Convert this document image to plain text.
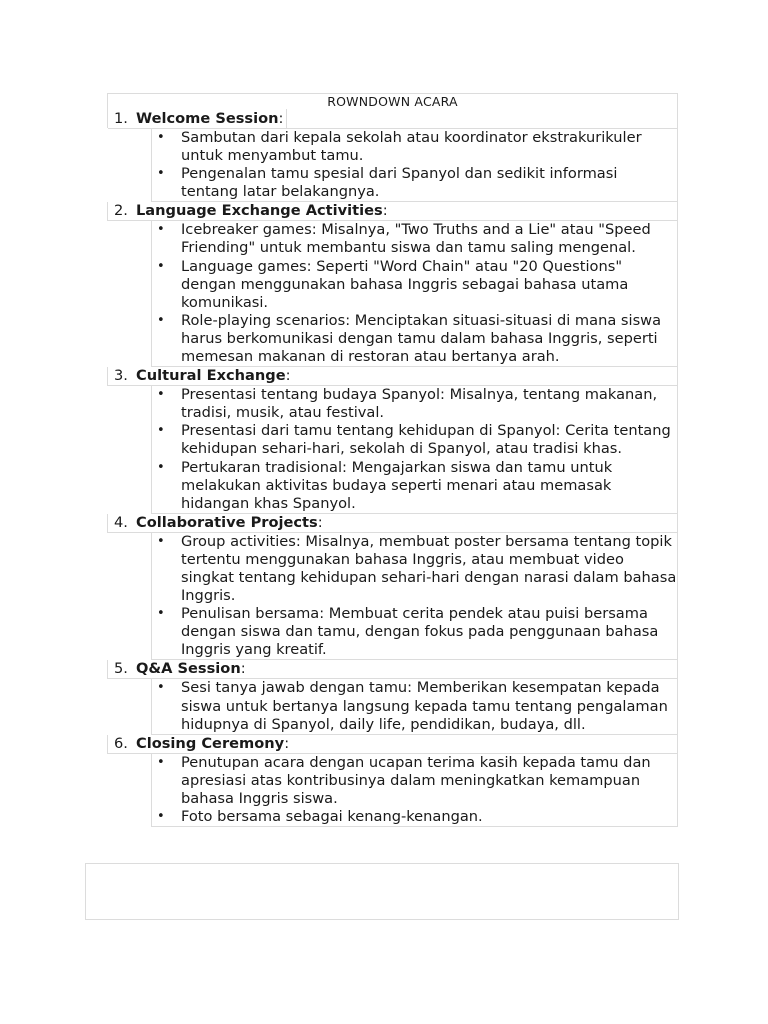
ROWNDOWN ACARA
1. Welcome Session:
• Sambutan dari kepala sekolah atau koordinator ekstrakurikuler untuk menyambut tamu.
• Pengenalan tamu spesial dari Spanyol dan sedikit informasi tentang latar belakangnya.
2. Language Exchange Activities:
• Icebreaker games: Misalnya, "Two Truths and a Lie" atau "Speed Friending" untuk membantu siswa dan tamu saling mengenal.
• Language games: Seperti "Word Chain" atau "20 Questions" dengan menggunakan bahasa Inggris sebagai bahasa utama komunikasi.
• Role-playing scenarios: Menciptakan situasi-situasi di mana siswa harus berkomunikasi dengan tamu dalam bahasa Inggris, seperti memesan makanan di restoran atau bertanya arah.
3. Cultural Exchange:
• Presentasi tentang budaya Spanyol: Misalnya, tentang makanan, tradisi, musik, atau festival.
• Presentasi dari tamu tentang kehidupan di Spanyol: Cerita tentang kehidupan sehari-hari, sekolah di Spanyol, atau tradisi khas.
• Pertukaran tradisional: Mengajarkan siswa dan tamu untuk melakukan aktivitas budaya seperti menari atau memasak hidangan khas Spanyol.
4. Collaborative Projects:
• Group activities: Misalnya, membuat poster bersama tentang topik tertentu menggunakan bahasa Inggris, atau membuat video singkat tentang kehidupan sehari-hari dengan narasi dalam bahasa Inggris.
• Penulisan bersama: Membuat cerita pendek atau puisi bersama dengan siswa dan tamu, dengan fokus pada penggunaan bahasa Inggris yang kreatif.
5. Q&A Session:
• Sesi tanya jawab dengan tamu: Memberikan kesempatan kepada siswa untuk bertanya langsung kepada tamu tentang pengalaman hidupnya di Spanyol, daily life, pendidikan, budaya, dll.
6. Closing Ceremony:
• Penutupan acara dengan ucapan terima kasih kepada tamu dan apresiasi atas kontribusinya dalam meningkatkan kemampuan bahasa Inggris siswa.
• Foto bersama sebagai kenang-kenangan.
